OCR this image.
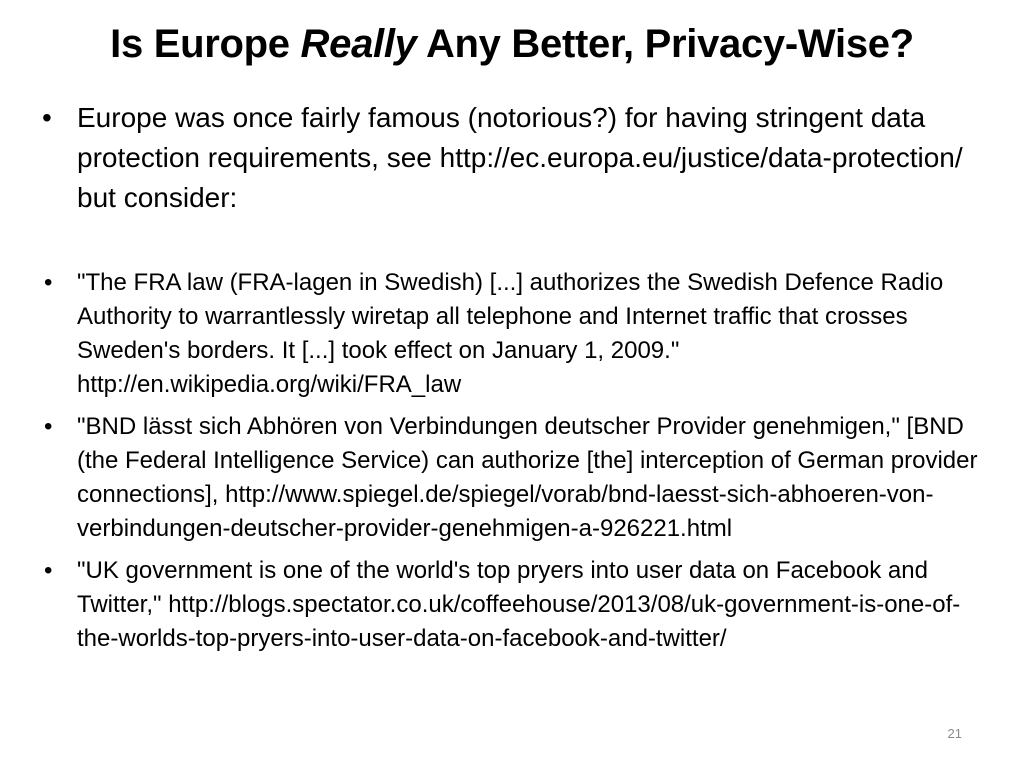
Is Europe Really Any Better, Privacy-Wise?
• Europe was once fairly famous (notorious?) for having stringent data protection requirements, see http://ec.europa.eu/justice/data-protection/ but consider:
• "The FRA law (FRA-lagen in Swedish) [...] authorizes the Swedish Defence Radio Authority to warrantlessly wiretap all telephone and Internet traffic that crosses Sweden's borders. It [...] took effect on January 1, 2009." http://en.wikipedia.org/wiki/FRA_law
• "BND lässt sich Abhören von Verbindungen deutscher Provider genehmigen," [BND (the Federal Intelligence Service) can authorize [the] interception of German provider connections], http://www.spiegel.de/spiegel/vorab/bnd-laesst-sich-abhoeren-von-verbindungen-deutscher-provider-genehmigen-a-926221.html
• "UK government is one of the world's top pryers into user data on Facebook and Twitter," http://blogs.spectator.co.uk/coffeehouse/2013/08/uk-government-is-one-of-the-worlds-top-pryers-into-user-data-on-facebook-and-twitter/
21
